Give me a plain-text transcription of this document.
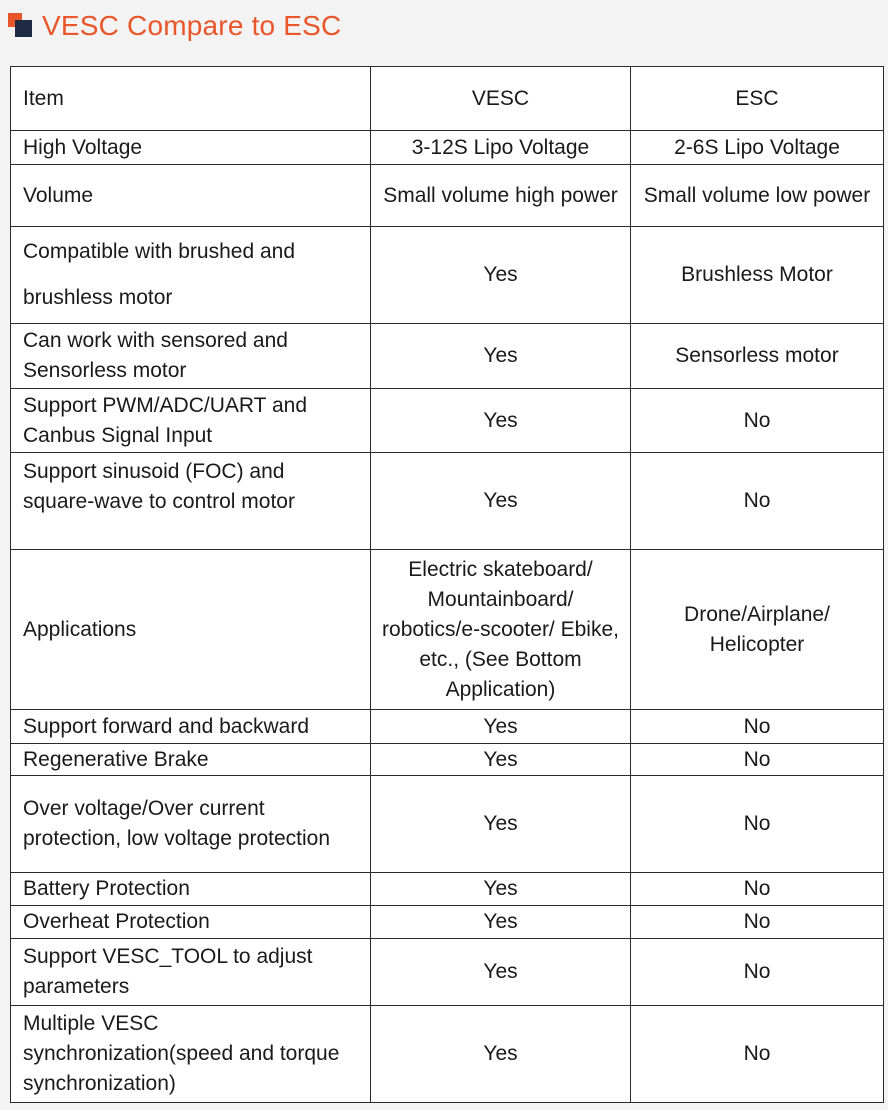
VESC Compare to ESC
Item	VESC	ESC
High Voltage	3-12S Lipo Voltage	2-6S Lipo Voltage
Volume	Small volume high power	Small volume low power

Compatible with brushed and brushless motor	Yes	Brushless Motor
Can work with sensored and Sensorless motor	Yes	Sensorless motor
Support PWM/ADC/UART and Canbus Signal Input	Yes	No
Support sinusoid (FOC) and square-wave to control motor	Yes	No
Applications	Electric skateboard/ Mountainboard/ robotics/e-scooter/ Ebike, etc., (See Bottom Application)	Drone/Airplane/ Helicopter
Support forward and backward	Yes	No
Regenerative Brake	Yes	No
Over voltage/Over current protection, low voltage protection	Yes	No
Battery Protection	Yes	No
Overheat Protection	Yes	No
Support VESC_TOOL to adjust parameters	Yes	No
Multiple VESC synchronization(speed and torque synchronization)	Yes	No
